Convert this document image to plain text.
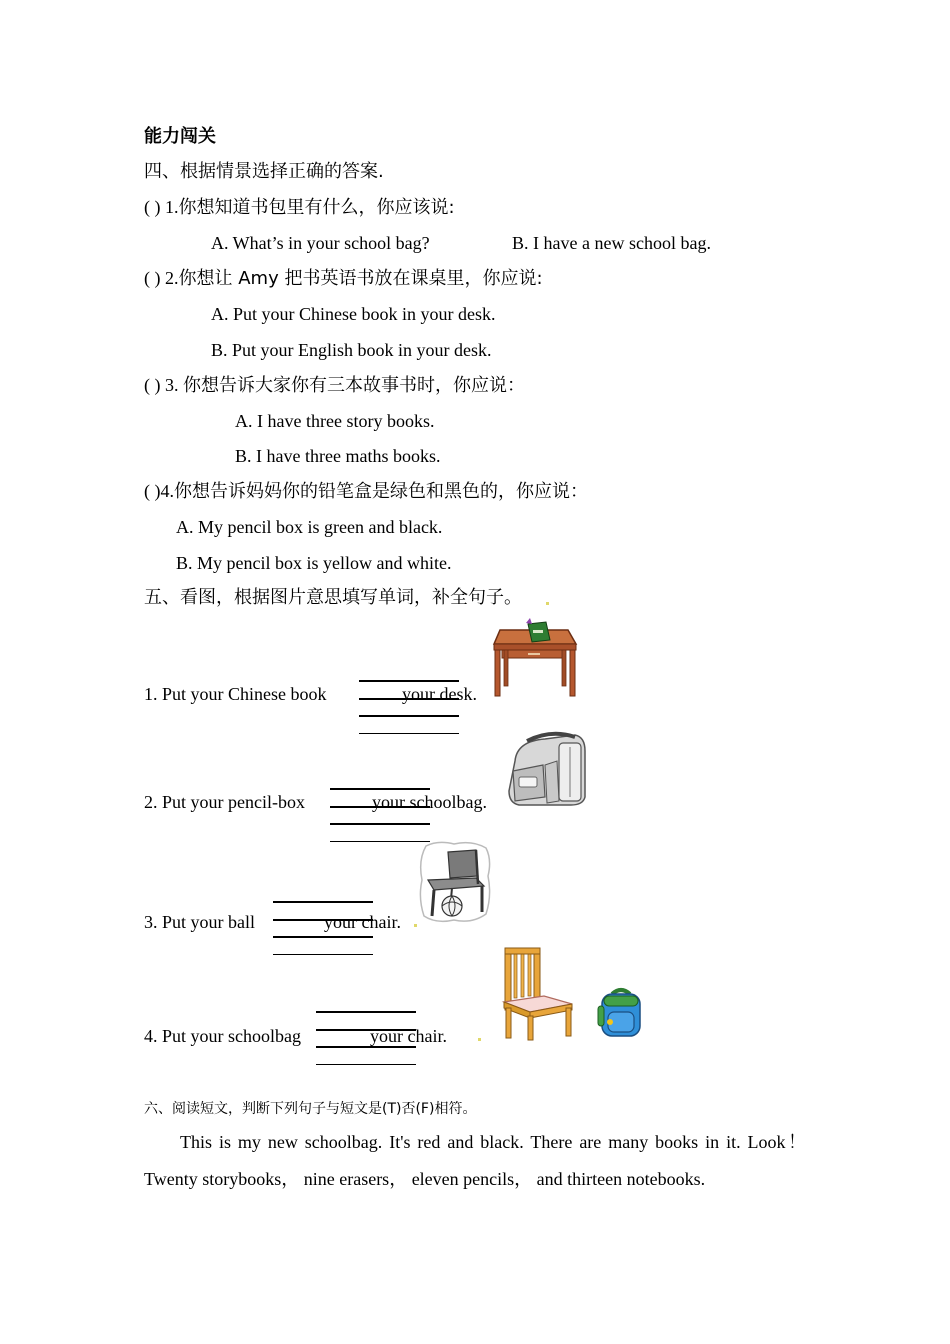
能力闯关
四、根据情景选择正确的答案.
( ) 1.你想知道书包里有什么，你应该说:
A. What’s in your school bag?	B. I have a new school bag.
( ) 2.你想让 Amy 把书英语书放在课桌里，你应说:
A. Put your Chinese book in your desk.
B. Put your English book in your desk.
( ) 3. 你想告诉大家你有三本故事书时，你应说：
A. I have three story books.
B. I have three maths books.
( )4.你想告诉妈妈你的铅笔盒是绿色和黑色的，你应说：
A. My pencil box is green and black.
B. My pencil box is yellow and white.
五、看图，根据图片意思填写单词，补全句子。
1. Put your Chinese book	your desk.
2. Put your pencil-box	your schoolbag.
3. Put your ball	your chair.
4. Put your schoolbag	your chair.
六、阅读短文，判断下列句子与短文是(T)否(F)相符。
This is my new schoolbag. It's red and black. There are many books in it. Look！ Twenty storybooks， nine erasers， eleven pencils， and thirteen notebooks.
